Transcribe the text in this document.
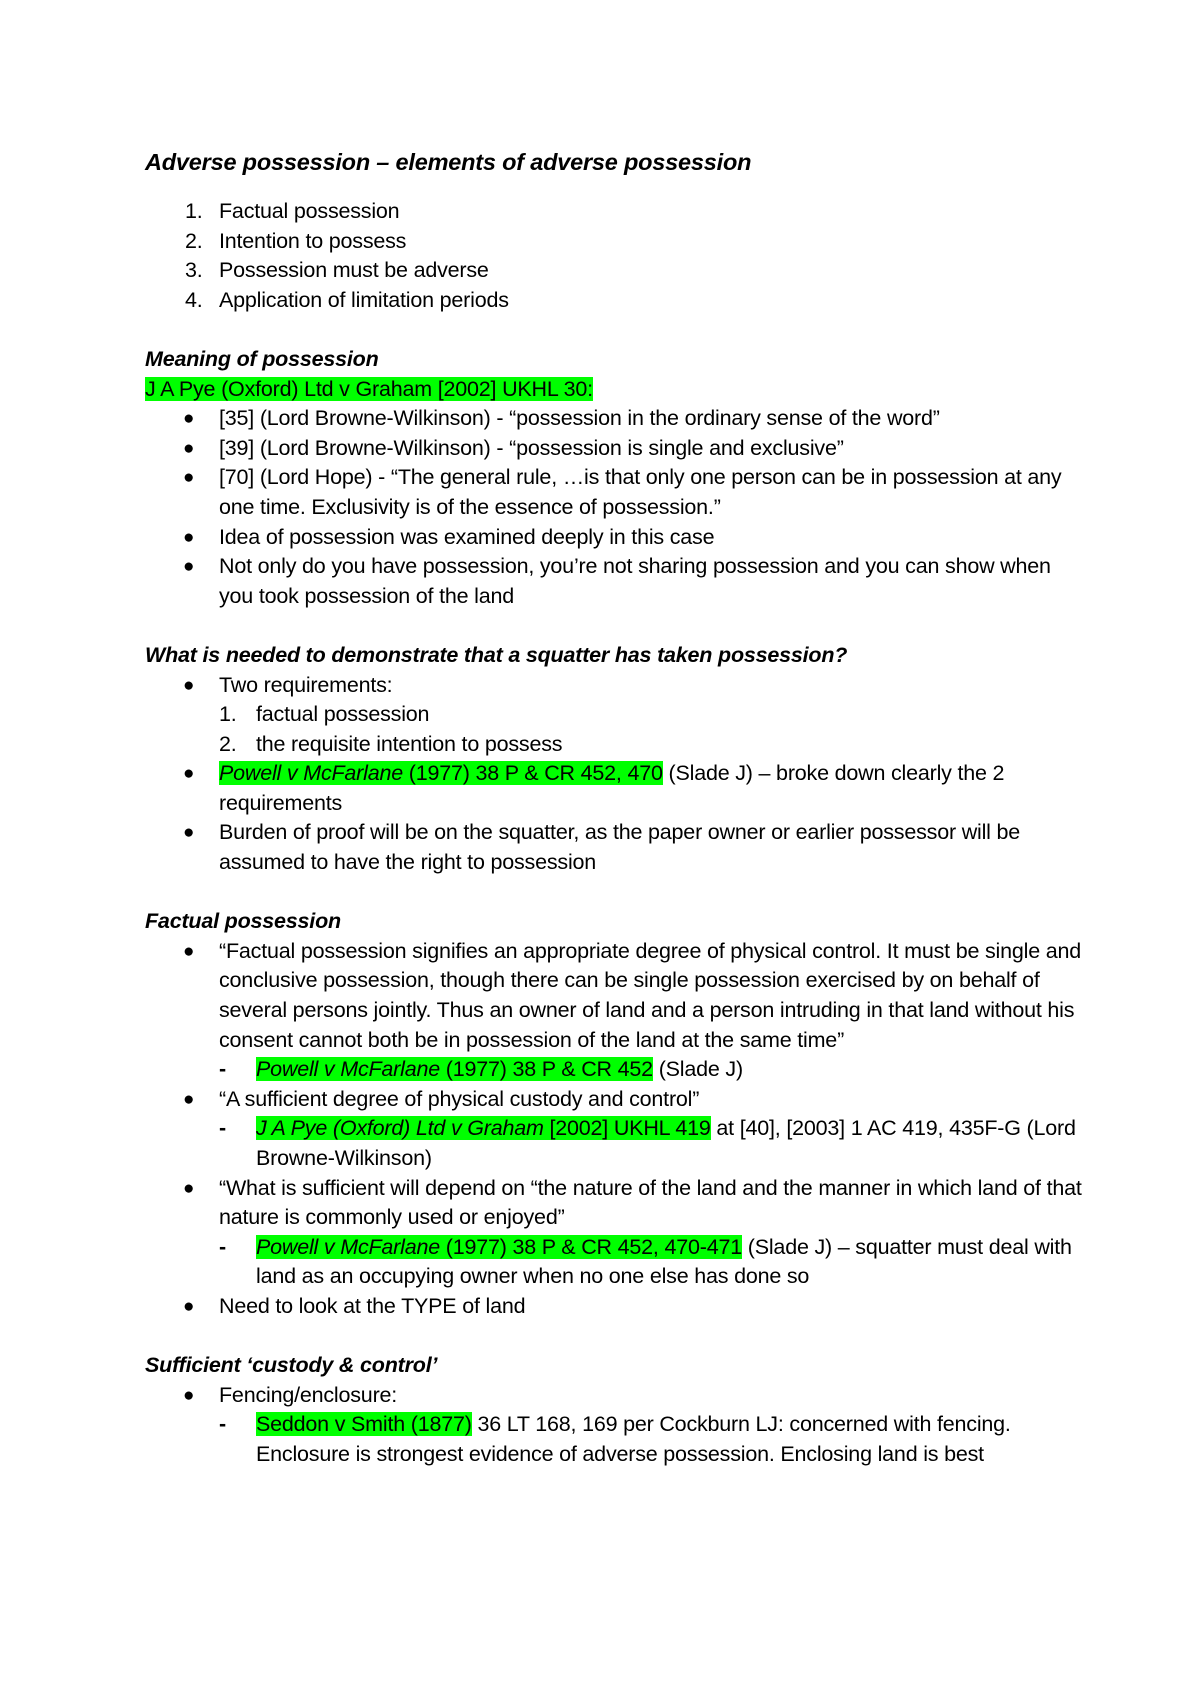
Adverse possession – elements of adverse possession

1. Factual possession
2. Intention to possess
3. Possession must be adverse
4. Application of limitation periods

Meaning of possession

J A Pye (Oxford) Ltd v Graham [2002] UKHL 30:

● [35] (Lord Browne-Wilkinson) - “possession in the ordinary sense of the word”
● [39] (Lord Browne-Wilkinson) - “possession is single and exclusive”
● [70] (Lord Hope) - “The general rule, …is that only one person can be in possession at any one time. Exclusivity is of the essence of possession.”
● Idea of possession was examined deeply in this case
● Not only do you have possession, you’re not sharing possession and you can show when you took possession of the land

What is needed to demonstrate that a squatter has taken possession?

● Two requirements:
1. factual possession
2. the requisite intention to possess
● Powell v McFarlane (1977) 38 P & CR 452, 470 (Slade J) – broke down clearly the 2 requirements
● Burden of proof will be on the squatter, as the paper owner or earlier possessor will be assumed to have the right to possession

Factual possession

● “Factual possession signifies an appropriate degree of physical control. It must be single and conclusive possession, though there can be single possession exercised by on behalf of several persons jointly. Thus an owner of land and a person intruding in that land without his consent cannot both be in possession of the land at the same time”
- Powell v McFarlane (1977) 38 P & CR 452 (Slade J)
● “A sufficient degree of physical custody and control”
- J A Pye (Oxford) Ltd v Graham [2002] UKHL 419 at [40], [2003] 1 AC 419, 435F-G (Lord Browne-Wilkinson)
● “What is sufficient will depend on “the nature of the land and the manner in which land of that nature is commonly used or enjoyed”
- Powell v McFarlane (1977) 38 P & CR 452, 470-471 (Slade J) – squatter must deal with land as an occupying owner when no one else has done so
● Need to look at the TYPE of land

Sufficient ‘custody & control’

● Fencing/enclosure:
- Seddon v Smith (1877) 36 LT 168, 169 per Cockburn LJ: concerned with fencing. Enclosure is strongest evidence of adverse possession. Enclosing land is best
